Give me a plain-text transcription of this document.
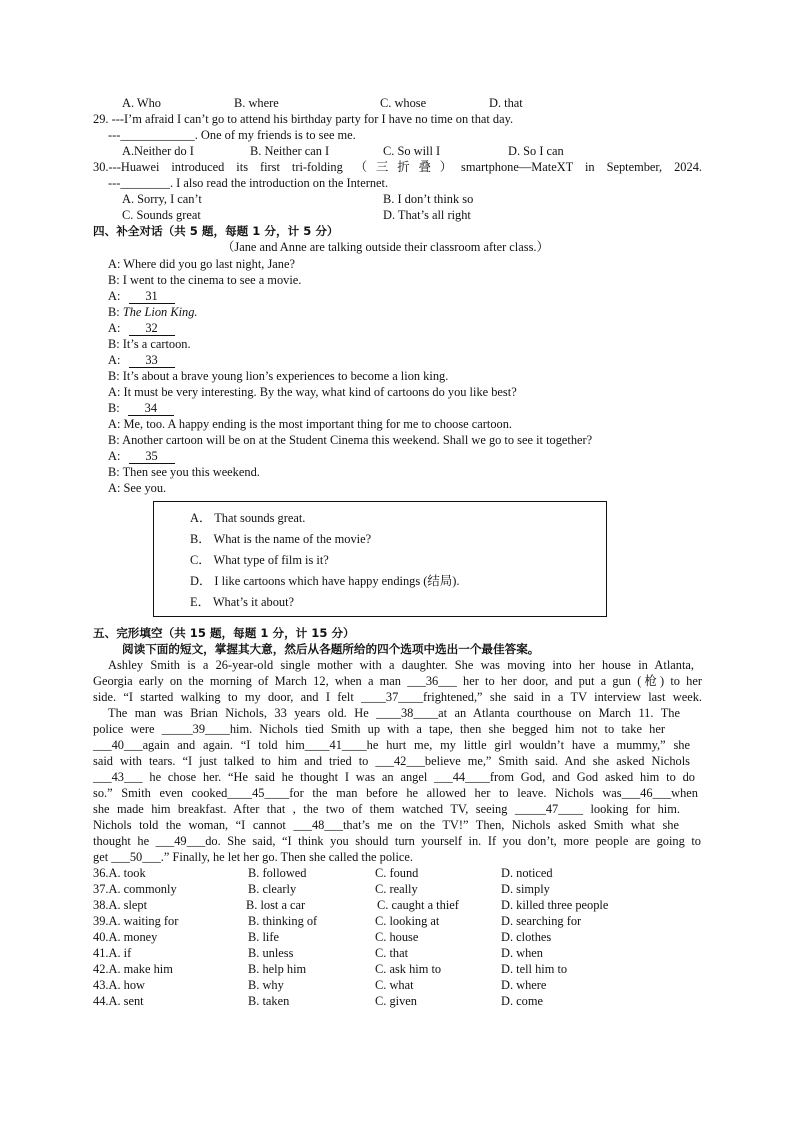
A. Who	B. where	C. whose	D. that
29. ---I’m afraid I can’t go to attend his birthday party for I have no time on that day.
---____________. One of my friends is to see me.
A.Neither do I	B. Neither can I	C. So will I	D. So I can
30.---Huawei introduced its first tri-folding （三折叠）smartphone—MateXT in September, 2024.
---________. I also read the introduction on the Internet.
A. Sorry, I can’t	B. I don’t think so
C. Sounds great	D. That’s all right
四、补全对话（共 5 题，每题 1 分，计 5 分）
（Jane and Anne are talking outside their classroom after class.）
A: Where did you go last night, Jane?
B: I went to the cinema to see a movie.
A: 31
B: The Lion King.
A: 32
B: It’s a cartoon.
A: 33
B: It’s about a brave young lion’s experiences to become a lion king.
A: It must be very interesting. By the way, what kind of cartoons do you like best?
B: 34
A: Me, too. A happy ending is the most important thing for me to choose cartoon.
B: Another cartoon will be on at the Student Cinema this weekend. Shall we go to see it together?
A: 35
B: Then see you this weekend.
A: See you.
A． That sounds great.
B． What is the name of the movie?
C． What type of film is it?
D． I like cartoons which have happy endings (结局).
E． What’s it about?
五、完形填空（共 15 题，每题 1 分，计 15 分）
阅读下面的短文，掌握其大意，然后从各题所给的四个选项中选出一个最佳答案。
Ashley Smith is a 26-year-old single mother with a daughter. She was moving into her house in Atlanta,
Georgia early on the morning of March 12, when a man ___36___ her to her door, and put a gun (枪) to her
side. “I started walking to my door, and I felt ____37____frightened,” she said in a TV interview last week.
The man was Brian Nichols, 33 years old. He ____38____at an Atlanta courthouse on March 11. The
police were _____39____him. Nichols tied Smith up with a tape, then she begged him not to take her
___40___again and again. “I told him____41____he hurt me, my little girl wouldn’t have a mummy,” she
said with tears. “I just talked to him and tried to ___42___believe me,” Smith said. And she asked Nichols
___43___ he chose her. “He said he thought I was an angel ___44____from God, and God asked him to do
so.” Smith even cooked____45____for the man before he allowed her to leave. Nichols was___46___when
she made him breakfast. After that , the two of them watched TV, seeing _____47____ looking for him.
Nichols told the woman, “I cannot ___48___that’s me on the TV!” Then, Nichols asked Smith what she
thought he ___49___do. She said, “I think you should turn yourself in. If you don’t, more people are going to
get ___50___.” Finally, he let her go. Then she called the police.
36.A. took	B. followed	C. found	D. noticed
37.A. commonly	B. clearly	C. really	D. simply
38.A. slept	B. lost a car	C. caught a thief	D. killed three people
39.A. waiting for	B. thinking of	C. looking at	D. searching for
40.A. money	B. life	C. house	D. clothes
41.A. if	B. unless	C. that	D. when
42.A. make him	B. help him	C. ask him to	D. tell him to
43.A. how	B. why	C. what	D. where
44.A. sent	B. taken	C. given	D. come
